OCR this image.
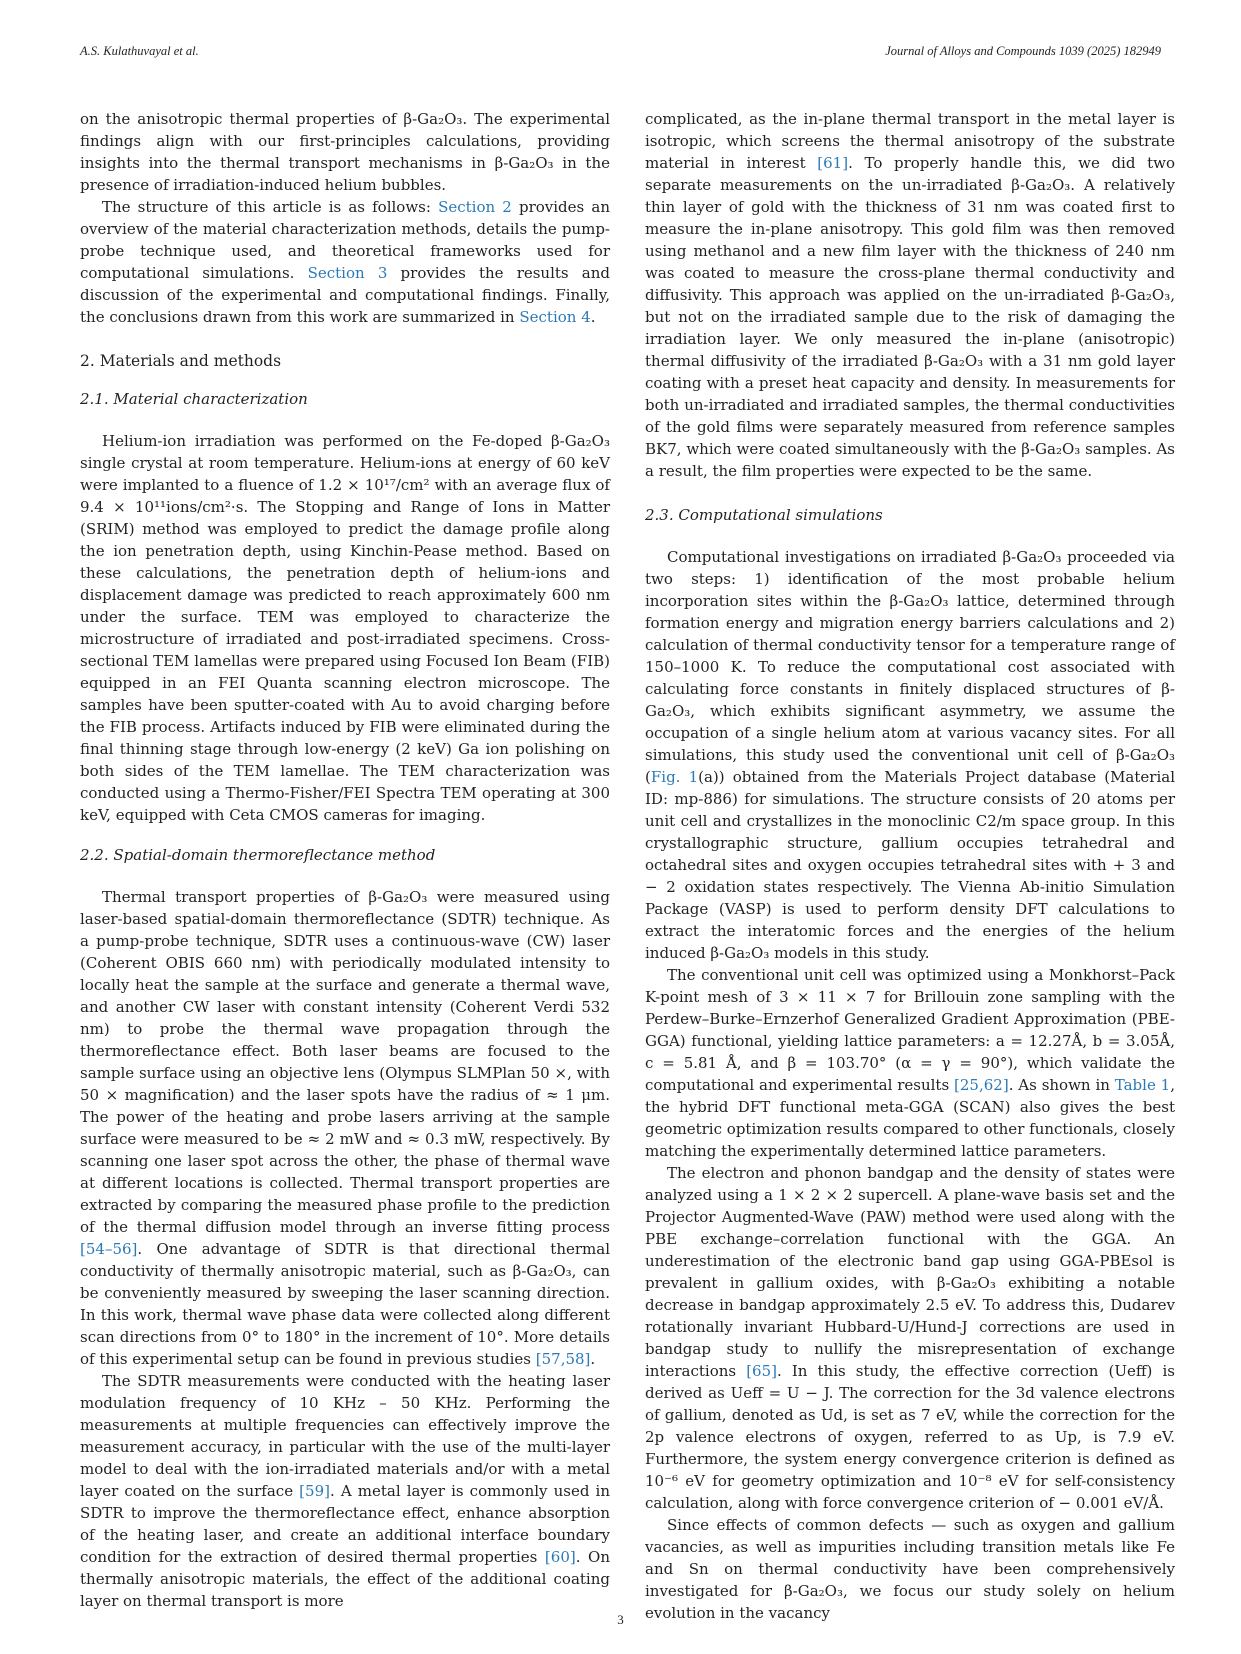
A.S. Kulathuvayal et al.	Journal of Alloys and Compounds 1039 (2025) 182949

on the anisotropic thermal properties of β-Ga₂O₃. The experimental findings align with our first-principles calculations, providing insights into the thermal transport mechanisms in β-Ga₂O₃ in the presence of irradiation-induced helium bubbles.

The structure of this article is as follows: Section 2 provides an overview of the material characterization methods, details the pump-probe technique used, and theoretical frameworks used for computational simulations. Section 3 provides the results and discussion of the experimental and computational findings. Finally, the conclusions drawn from this work are summarized in Section 4.

2. Materials and methods
2.1. Material characterization

Helium-ion irradiation was performed on the Fe-doped β-Ga₂O₃ single crystal at room temperature. Helium-ions at energy of 60 keV were implanted to a fluence of 1.2 × 10¹⁷/cm² with an average flux of 9.4 × 10¹¹ions/cm²·s. The Stopping and Range of Ions in Matter (SRIM) method was employed to predict the damage profile along the ion penetration depth, using Kinchin-Pease method. Based on these calculations, the penetration depth of helium-ions and displacement damage was predicted to reach approximately 600 nm under the surface. TEM was employed to characterize the microstructure of irradiated and post-irradiated specimens. Cross-sectional TEM lamellas were prepared using Focused Ion Beam (FIB) equipped in an FEI Quanta scanning electron microscope. The samples have been sputter-coated with Au to avoid charging before the FIB process. Artifacts induced by FIB were eliminated during the final thinning stage through low-energy (2 keV) Ga ion polishing on both sides of the TEM lamellae. The TEM characterization was conducted using a Thermo-Fisher/FEI Spectra TEM operating at 300 keV, equipped with Ceta CMOS cameras for imaging.

2.2. Spatial-domain thermoreflectance method

Thermal transport properties of β-Ga₂O₃ were measured using laser-based spatial-domain thermoreflectance (SDTR) technique. As a pump-probe technique, SDTR uses a continuous-wave (CW) laser (Coherent OBIS 660 nm) with periodically modulated intensity to locally heat the sample at the surface and generate a thermal wave, and another CW laser with constant intensity (Coherent Verdi 532 nm) to probe the thermal wave propagation through the thermoreflectance effect. Both laser beams are focused to the sample surface using an objective lens (Olympus SLMPlan 50 ×, with 50 × magnification) and the laser spots have the radius of ≈ 1 μm. The power of the heating and probe lasers arriving at the sample surface were measured to be ≈ 2 mW and ≈ 0.3 mW, respectively. By scanning one laser spot across the other, the phase of thermal wave at different locations is collected. Thermal transport properties are extracted by comparing the measured phase profile to the prediction of the thermal diffusion model through an inverse fitting process [54–56]. One advantage of SDTR is that directional thermal conductivity of thermally anisotropic material, such as β-Ga₂O₃, can be conveniently measured by sweeping the laser scanning direction. In this work, thermal wave phase data were collected along different scan directions from 0° to 180° in the increment of 10°. More details of this experimental setup can be found in previous studies [57,58].

The SDTR measurements were conducted with the heating laser modulation frequency of 10 KHz – 50 KHz. Performing the measurements at multiple frequencies can effectively improve the measurement accuracy, in particular with the use of the multi-layer model to deal with the ion-irradiated materials and/or with a metal layer coated on the surface [59]. A metal layer is commonly used in SDTR to improve the thermoreflectance effect, enhance absorption of the heating laser, and create an additional interface boundary condition for the extraction of desired thermal properties [60]. On thermally anisotropic materials, the effect of the additional coating layer on thermal transport is more

complicated, as the in-plane thermal transport in the metal layer is isotropic, which screens the thermal anisotropy of the substrate material in interest [61]. To properly handle this, we did two separate measurements on the un-irradiated β-Ga₂O₃. A relatively thin layer of gold with the thickness of 31 nm was coated first to measure the in-plane anisotropy. This gold film was then removed using methanol and a new film layer with the thickness of 240 nm was coated to measure the cross-plane thermal conductivity and diffusivity. This approach was applied on the un-irradiated β-Ga₂O₃, but not on the irradiated sample due to the risk of damaging the irradiation layer. We only measured the in-plane (anisotropic) thermal diffusivity of the irradiated β-Ga₂O₃ with a 31 nm gold layer coating with a preset heat capacity and density. In measurements for both un-irradiated and irradiated samples, the thermal conductivities of the gold films were separately measured from reference samples BK7, which were coated simultaneously with the β-Ga₂O₃ samples. As a result, the film properties were expected to be the same.

2.3. Computational simulations

Computational investigations on irradiated β-Ga₂O₃ proceeded via two steps: 1) identification of the most probable helium incorporation sites within the β-Ga₂O₃ lattice, determined through formation energy and migration energy barriers calculations and 2) calculation of thermal conductivity tensor for a temperature range of 150–1000 K. To reduce the computational cost associated with calculating force constants in finitely displaced structures of β-Ga₂O₃, which exhibits significant asymmetry, we assume the occupation of a single helium atom at various vacancy sites. For all simulations, this study used the conventional unit cell of β-Ga₂O₃ (Fig. 1(a)) obtained from the Materials Project database (Material ID: mp-886) for simulations. The structure consists of 20 atoms per unit cell and crystallizes in the monoclinic C2/m space group. In this crystallographic structure, gallium occupies tetrahedral and octahedral sites and oxygen occupies tetrahedral sites with + 3 and − 2 oxidation states respectively. The Vienna Ab-initio Simulation Package (VASP) is used to perform density DFT calculations to extract the interatomic forces and the energies of the helium induced β-Ga₂O₃ models in this study.

The conventional unit cell was optimized using a Monkhorst–Pack K-point mesh of 3 × 11 × 7 for Brillouin zone sampling with the Perdew–Burke–Ernzerhof Generalized Gradient Approximation (PBE-GGA) functional, yielding lattice parameters: a = 12.27Å, b = 3.05Å, c = 5.81 Å, and β = 103.70° (α = γ = 90°), which validate the computational and experimental results [25,62]. As shown in Table 1, the hybrid DFT functional meta-GGA (SCAN) also gives the best geometric optimization results compared to other functionals, closely matching the experimentally determined lattice parameters.

The electron and phonon bandgap and the density of states were analyzed using a 1 × 2 × 2 supercell. A plane-wave basis set and the Projector Augmented-Wave (PAW) method were used along with the PBE exchange–correlation functional with the GGA. An underestimation of the electronic band gap using GGA-PBEsol is prevalent in gallium oxides, with β-Ga₂O₃ exhibiting a notable decrease in bandgap approximately 2.5 eV. To address this, Dudarev rotationally invariant Hubbard-U/Hund-J corrections are used in bandgap study to nullify the misrepresentation of exchange interactions [65]. In this study, the effective correction (Ueff) is derived as Ueff = U − J. The correction for the 3d valence electrons of gallium, denoted as Ud, is set as 7 eV, while the correction for the 2p valence electrons of oxygen, referred to as Up, is 7.9 eV. Furthermore, the system energy convergence criterion is defined as 10⁻⁶ eV for geometry optimization and 10⁻⁸ eV for self-consistency calculation, along with force convergence criterion of − 0.001 eV/Å.

Since effects of common defects — such as oxygen and gallium vacancies, as well as impurities including transition metals like Fe and Sn on thermal conductivity have been comprehensively investigated for β-Ga₂O₃, we focus our study solely on helium evolution in the vacancy

3
